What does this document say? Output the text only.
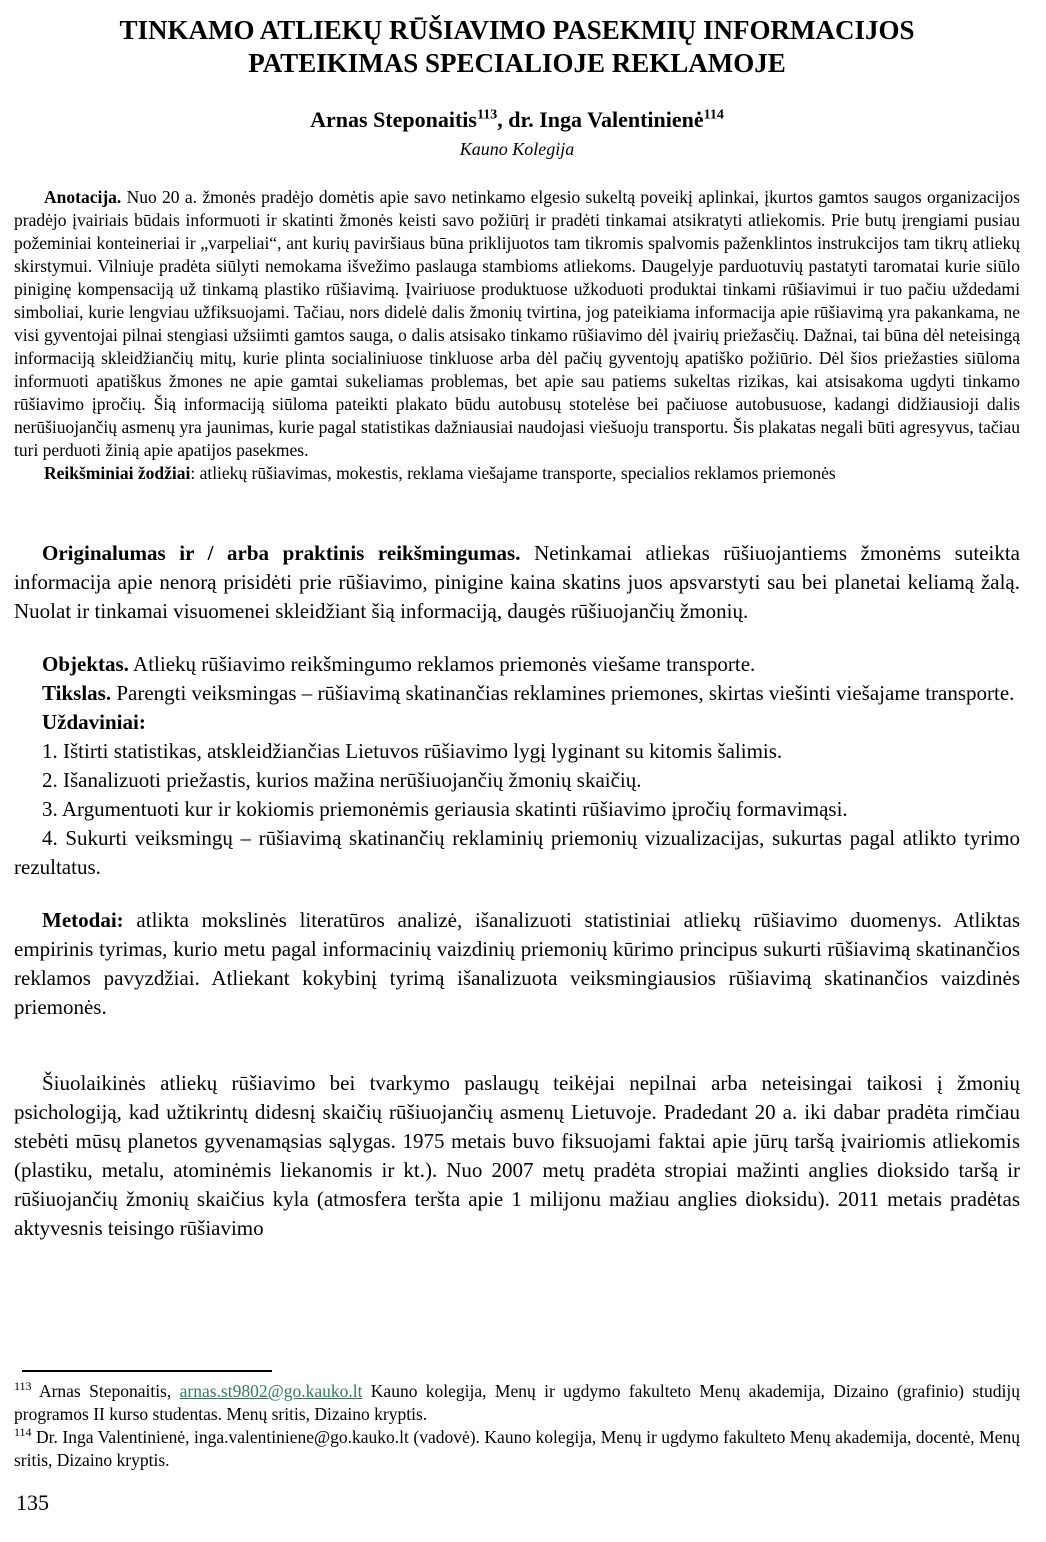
TINKAMO ATLIEKŲ RŪŠIAVIMO PASEKMIŲ INFORMACIJOS
PATEIKIMAS SPECIALIOJE REKLAMOJE
Arnas Steponaitis$^{113}$, dr. Inga Valentinienė$^{114}$
Kauno Kolegija

Anotacija. Nuo 20 a. žmonės pradėjo domėtis apie savo netinkamo elgesio sukeltą poveikį aplinkai, įkurtos gamtos saugos organizacijos pradėjo įvairiais būdais informuoti ir skatinti žmonės keisti savo požiūrį ir pradėti tinkamai atsikratyti atliekomis. Prie butų įrengiami pusiau požeminiai konteineriai ir „varpeliai“, ant kurių paviršiaus būna priklijuotos tam tikromis spalvomis paženklintos instrukcijos tam tikrų atliekų skirstymui. Vilniuje pradėta siūlyti nemokama išvežimo paslauga stambioms atliekoms. Daugelyje parduotuvių pastatyti taromatai kurie siūlo piniginę kompensaciją už tinkamą plastiko rūšiavimą. Įvairiuose produktuose užkoduoti produktai tinkami rūšiavimui ir tuo pačiu uždedami simboliai, kurie lengviau užfiksuojami. Tačiau, nors didelė dalis žmonių tvirtina, jog pateikiama informacija apie rūšiavimą yra pakankama, ne visi gyventojai pilnai stengiasi užsiimti gamtos sauga, o dalis atsisako tinkamo rūšiavimo dėl įvairių priežasčių. Dažnai, tai būna dėl neteisingą informaciją skleidžiančių mitų, kurie plinta socialiniuose tinkluose arba dėl pačių gyventojų apatiško požiūrio. Dėl šios priežasties siūloma informuoti apatiškus žmones ne apie gamtai sukeliamas problemas, bet apie sau patiems sukeltas rizikas, kai atsisakoma ugdyti tinkamo rūšiavimo įpročių. Šią informaciją siūloma pateikti plakato būdu autobusų stotelėse bei pačiuose autobusuose, kadangi didžiausioji dalis nerūšiuojančių asmenų yra jaunimas, kurie pagal statistikas dažniausiai naudojasi viešuoju transportu. Šis plakatas negali būti agresyvus, tačiau turi perduoti žinią apie apatijos pasekmes.

Reikšminiai žodžiai: atliekų rūšiavimas, mokestis, reklama viešajame transporte, specialios reklamos priemonės

Originalumas ir / arba praktinis reikšmingumas. Netinkamai atliekas rūšiuojantiems žmonėms suteikta informacija apie nenorą prisidėti prie rūšiavimo, pinigine kaina skatins juos apsvarstyti sau bei planetai keliamą žalą. Nuolat ir tinkamai visuomenei skleidžiant šią informaciją, daugės rūšiuojančių žmonių.

Objektas. Atliekų rūšiavimo reikšmingumo reklamos priemonės viešame transporte.

Tikslas. Parengti veiksmingas – rūšiavimą skatinančias reklamines priemones, skirtas viešinti viešajame transporte.

Uždaviniai:

1. Ištirti statistikas, atskleidžiančias Lietuvos rūšiavimo lygį lyginant su kitomis šalimis.

2. Išanalizuoti priežastis, kurios mažina nerūšiuojančių žmonių skaičių.

3. Argumentuoti kur ir kokiomis priemonėmis geriausia skatinti rūšiavimo įpročių formavimąsi.

4. Sukurti veiksmingų – rūšiavimą skatinančių reklaminių priemonių vizualizacijas, sukurtas pagal atlikto tyrimo rezultatus.

Metodai: atlikta mokslinės literatūros analizė, išanalizuoti statistiniai atliekų rūšiavimo duomenys. Atliktas empirinis tyrimas, kurio metu pagal informacinių vaizdinių priemonių kūrimo principus sukurti rūšiavimą skatinančios reklamos pavyzdžiai. Atliekant kokybinį tyrimą išanalizuota veiksmingiausios rūšiavimą skatinančios vaizdinės priemonės.

Šiuolaikinės atliekų rūšiavimo bei tvarkymo paslaugų teikėjai nepilnai arba neteisingai taikosi į žmonių psichologiją, kad užtikrintų didesnį skaičių rūšiuojančių asmenų Lietuvoje. Pradedant 20 a. iki dabar pradėta rimčiau stebėti mūsų planetos gyvenamąsias sąlygas. 1975 metais buvo fiksuojami faktai apie jūrų taršą įvairiomis atliekomis (plastiku, metalu, atominėmis liekanomis ir kt.). Nuo 2007 metų pradėta stropiai mažinti anglies dioksido taršą ir rūšiuojančių žmonių skaičius kyla (atmosfera teršta apie 1 milijonu mažiau anglies dioksidu). 2011 metais pradėtas aktyvesnis teisingo rūšiavimo

$^{113}$ Arnas Steponaitis, arnas.st9802@go.kauko.lt Kauno kolegija, Menų ir ugdymo fakulteto Menų akademija, Dizaino (grafinio) studijų programos II kurso studentas. Menų sritis, Dizaino kryptis.

$^{114}$ Dr. Inga Valentinienė, inga.valentiniene@go.kauko.lt (vadovė). Kauno kolegija, Menų ir ugdymo fakulteto Menų akademija, docentė, Menų sritis, Dizaino kryptis.

135
